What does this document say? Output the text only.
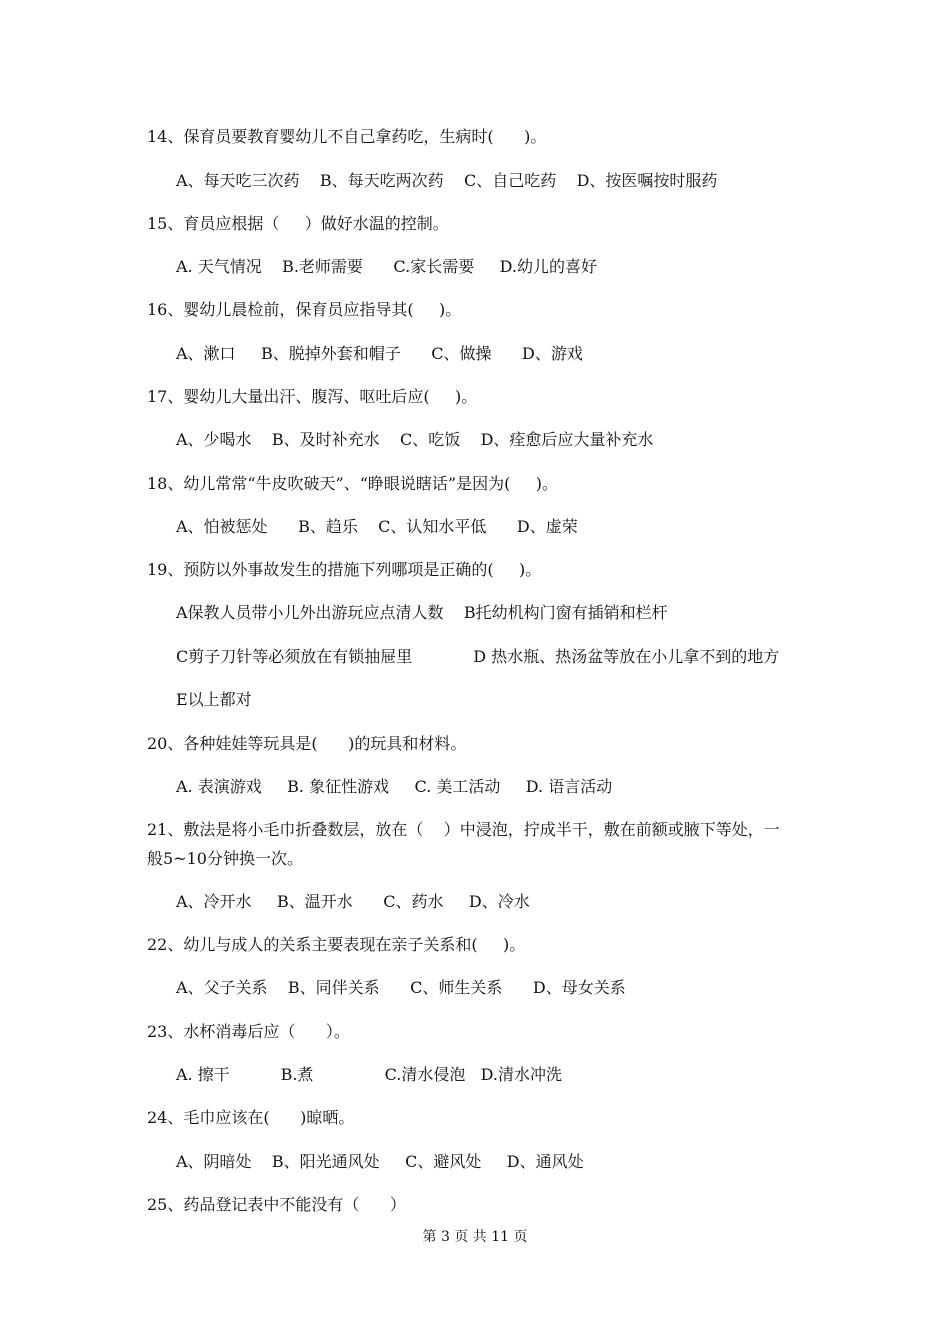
14、保育员要教育婴幼儿不自己拿药吃，生病时(      )。
A、每天吃三次药    B、每天吃两次药    C、自己吃药    D、按医嘱按时服药
15、育员应根据（     ）做好水温的控制。
A. 天气情况    B.老师需要      C.家长需要     D.幼儿的喜好
16、婴幼儿晨检前，保育员应指导其(     )。
A、漱口     B、脱掉外套和帽子      C、做操      D、游戏
17、婴幼儿大量出汗、腹泻、呕吐后应(     )。
A、少喝水    B、及时补充水    C、吃饭    D、痊愈后应大量补充水
18、幼儿常常“牛皮吹破天”、“睁眼说瞎话”是因为(     )。
A、怕被惩处      B、趋乐    C、认知水平低      D、虚荣
19、预防以外事故发生的措施下列哪项是正确的(     )。
A保教人员带小儿外出游玩应点清人数    B托幼机构门窗有插销和栏杆
C剪子刀针等必须放在有锁抽屉里            D 热水瓶、热汤盆等放在小儿拿不到的地方
E以上都对
20、各种娃娃等玩具是(      )的玩具和材料。
A. 表演游戏     B. 象征性游戏     C. 美工活动     D. 语言活动
21、敷法是将小毛巾折叠数层，放在（    ）中浸泡，拧成半干，敷在前额或腋下等处，一
般5~10分钟换一次。
A、冷开水     B、温开水      C、药水     D、冷水
22、幼儿与成人的关系主要表现在亲子关系和(     )。
A、父子关系    B、同伴关系      C、师生关系      D、母女关系
23、水杯消毒后应（      ）。
A. 擦干          B.煮              C.清水侵泡   D.清水冲洗
24、毛巾应该在(      )晾晒。
A、阴暗处    B、阳光通风处     C、避风处     D、通风处
25、药品登记表中不能没有（      ）
第 3 页 共 11 页
